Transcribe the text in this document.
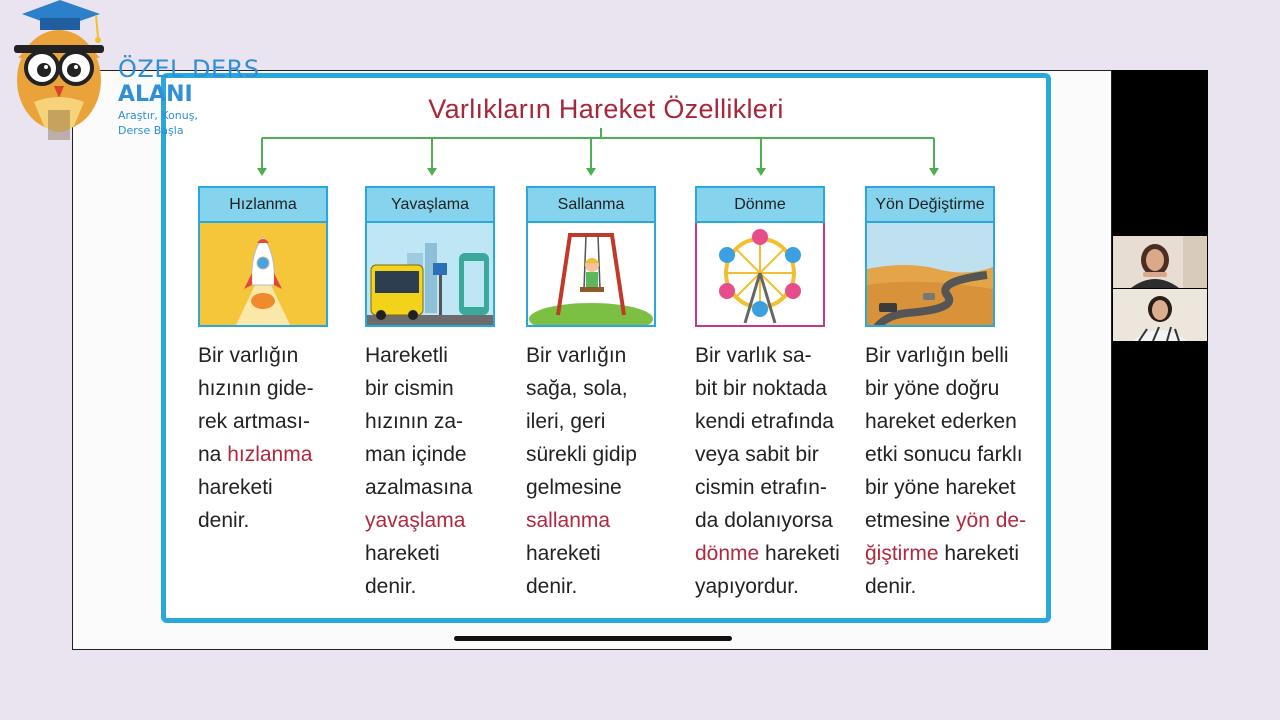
ÖZEL DERS
ALANI
Araştır, Konuş,
Derse Başla
Varlıkların Hareket Özellikleri
Hızlanma
Bir varlığın
hızının gide-
rek artması-
na hızlanma
hareketi
denir.
Yavaşlama
Hareketli
bir cismin
hızının za-
man içinde
azalmasına
yavaşlama
hareketi
denir.
Sallanma
Bir varlığın
sağa, sola,
ileri, geri
sürekli gidip
gelmesine
sallanma
hareketi
denir.
Dönme
Bir varlık sa-
bit bir noktada
kendi etrafında
veya sabit bir
cismin etrafın-
da dolanıyorsa
dönme hareketi
yapıyordur.
Yön Değiştirme
Bir varlığın belli
bir yöne doğru
hareket ederken
etki sonucu farklı
bir yöne hareket
etmesine yön de-
ğiştirme hareketi
denir.
